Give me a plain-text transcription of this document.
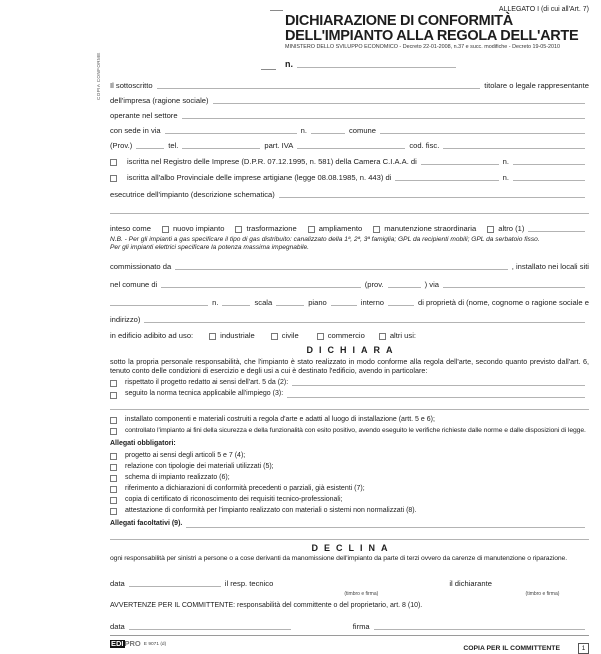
COPIA CONFORME
ALLEGATO I (di cui all'Art. 7)
DICHIARAZIONE DI CONFORMITÀ
DELL'IMPIANTO ALLA REGOLA DELL'ARTE
MINISTERO DELLO SVILUPPO ECONOMICO - Decreto 22-01-2008, n.37 e succ. modifiche - Decreto 19-05-2010
n.
Il sottoscritto	titolare o legale rappresentante
dell'impresa (ragione sociale)
operante nel settore
con sede in via	n.	comune
(Prov.)	tel.	part. IVA	cod. fisc.
iscritta nel Registro delle Imprese (D.P.R. 07.12.1995, n. 581) della Camera C.I.A.A. di	n.
iscritta all'albo Provinciale delle imprese artigiane (legge 08.08.1985, n. 443) di	n.
esecutrice dell'impianto (descrizione schematica)
inteso come	nuovo impianto	trasformazione	ampliamento	manutenzione straordinaria	altro (1)
N.B. - Per gli impianti a gas specificare il tipo di gas distribuito: canalizzato della 1ª, 2ª, 3ª famiglia; GPL da recipienti mobili; GPL da serbatoio fisso.
Per gli impianti elettrici specificare la potenza massima impegnabile.
commissionato da	, installato nei locali siti
nel comune di	(prov.	) via
n.	scala	piano	interno	di proprietà di (nome, cognome o ragione sociale e
indirizzo)
in edificio adibito ad uso:	industriale	civile	commercio	altri usi:
DICHIARA
sotto la propria personale responsabilità, che l'impianto è stato realizzato in modo conforme alla regola dell'arte, secondo quanto previsto dall'art. 6, tenuto conto delle condizioni di esercizio e degli usi a cui è destinato l'edificio, avendo in particolare:
rispettato il progetto redatto ai sensi dell'art. 5 da (2):
seguito la norma tecnica applicabile all'impiego (3):
installato componenti e materiali costruiti a regola d'arte e adatti al luogo di installazione (artt. 5 e 6);
controllato l'impianto ai fini della sicurezza e della funzionalità con esito positivo, avendo eseguito le verifiche richieste dalle norme e dalle disposizioni di legge.
Allegati obbligatori:
progetto ai sensi degli articoli 5 e 7 (4);
relazione con tipologie dei materiali utilizzati (5);
schema di impianto realizzato (6);
riferimento a dichiarazioni di conformità precedenti o parziali, già esistenti (7);
copia di certificato di riconoscimento dei requisiti tecnico-professionali;
attestazione di conformità per l'impianto realizzato con materiali o sistemi non normalizzati (8).
Allegati facoltativi (9).
DECLINA
ogni responsabilità per sinistri a persone o a cose derivanti da manomissione dell'impianto da parte di terzi ovvero da carenze di manutenzione o riparazione.
data	il resp. tecnico
(timbro e firma)
il dichiarante
(timbro e firma)
AVVERTENZE PER IL COMMITTENTE: responsabilità del committente o del proprietario, art. 8 (10).
data	firma
EDI PRO E 9071 (d)
COPIA PER IL COMMITTENTE	1
